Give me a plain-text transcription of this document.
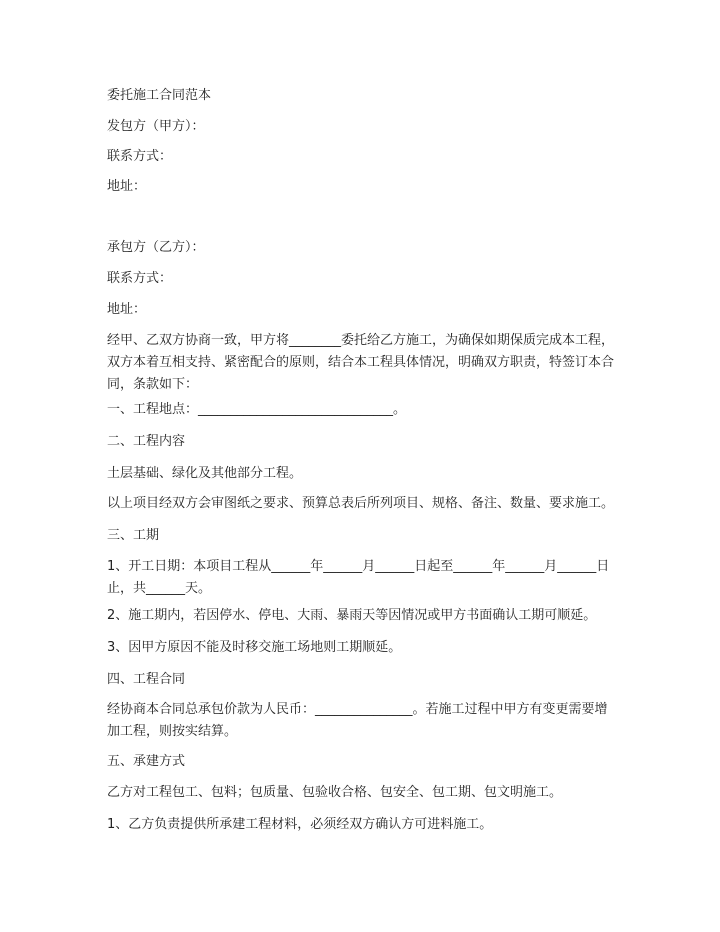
委托施工合同范本

发包方（甲方）：

联系方式：

地址：

承包方（乙方）：

联系方式：

地址：

经甲、乙双方协商一致，甲方将________委托给乙方施工，为确保如期保质完成本工程，双方本着互相支持、紧密配合的原则，结合本工程具体情况，明确双方职责，特签订本合同，条款如下：

一、工程地点：______________________________。

二、工程内容

土层基础、绿化及其他部分工程。

以上项目经双方会审图纸之要求、预算总表后所列项目、规格、备注、数量、要求施工。

三、工期

1、开工日期：本项目工程从______年______月______日起至______年______月______日止，共______天。

2、施工期内，若因停水、停电、大雨、暴雨天等因情况或甲方书面确认工期可顺延。

3、因甲方原因不能及时移交施工场地则工期顺延。

四、工程合同

经协商本合同总承包价款为人民币：_______________。若施工过程中甲方有变更需要增加工程，则按实结算。

五、承建方式

乙方对工程包工、包料；包质量、包验收合格、包安全、包工期、包文明施工。

1、乙方负责提供所承建工程材料，必须经双方确认方可进料施工。
